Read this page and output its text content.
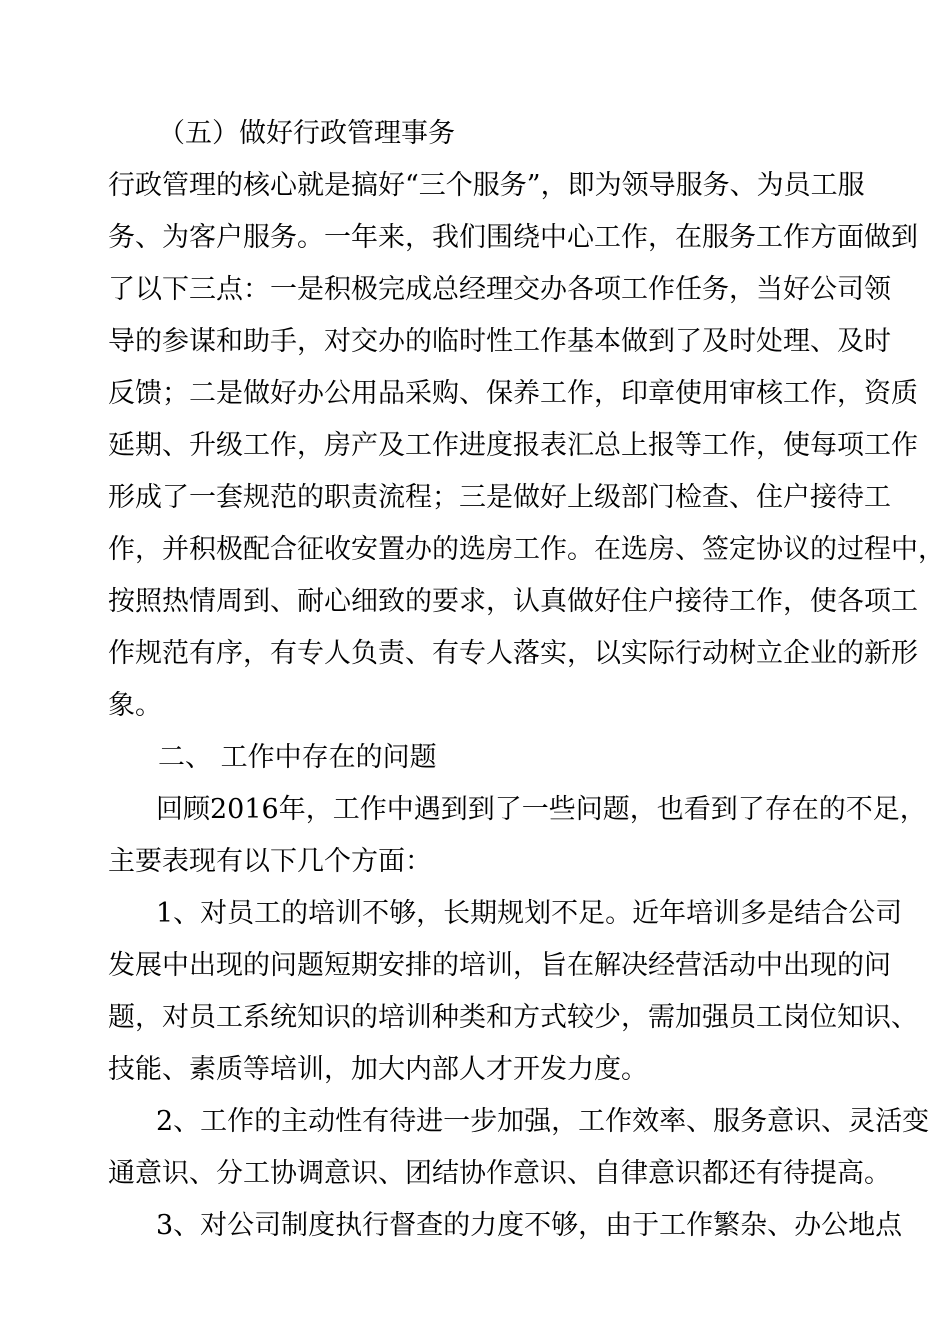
（五）做好行政管理事务
行政管理的核心就是搞好“三个服务”，即为领导服务、为员工服
务、为客户服务。一年来，我们围绕中心工作，在服务工作方面做到
了以下三点：一是积极完成总经理交办各项工作任务，当好公司领
导的参谋和助手，对交办的临时性工作基本做到了及时处理、及时
反馈；二是做好办公用品采购、保养工作，印章使用审核工作，资质
延期、升级工作，房产及工作进度报表汇总上报等工作，使每项工作
形成了一套规范的职责流程；三是做好上级部门检查、住户接待工
作，并积极配合征收安置办的选房工作。在选房、签定协议的过程中，
按照热情周到、耐心细致的要求，认真做好住户接待工作，使各项工
作规范有序，有专人负责、有专人落实，以实际行动树立企业的新形
象。
二、 工作中存在的问题
回顾2016年，工作中遇到到了一些问题，也看到了存在的不足，
主要表现有以下几个方面：
1、对员工的培训不够，长期规划不足。近年培训多是结合公司
发展中出现的问题短期安排的培训，旨在解决经营活动中出现的问
题，对员工系统知识的培训种类和方式较少，需加强员工岗位知识、
技能、素质等培训，加大内部人才开发力度。
2、工作的主动性有待进一步加强，工作效率、服务意识、灵活变
通意识、分工协调意识、团结协作意识、自律意识都还有待提高。
3、对公司制度执行督查的力度不够，由于工作繁杂、办公地点
